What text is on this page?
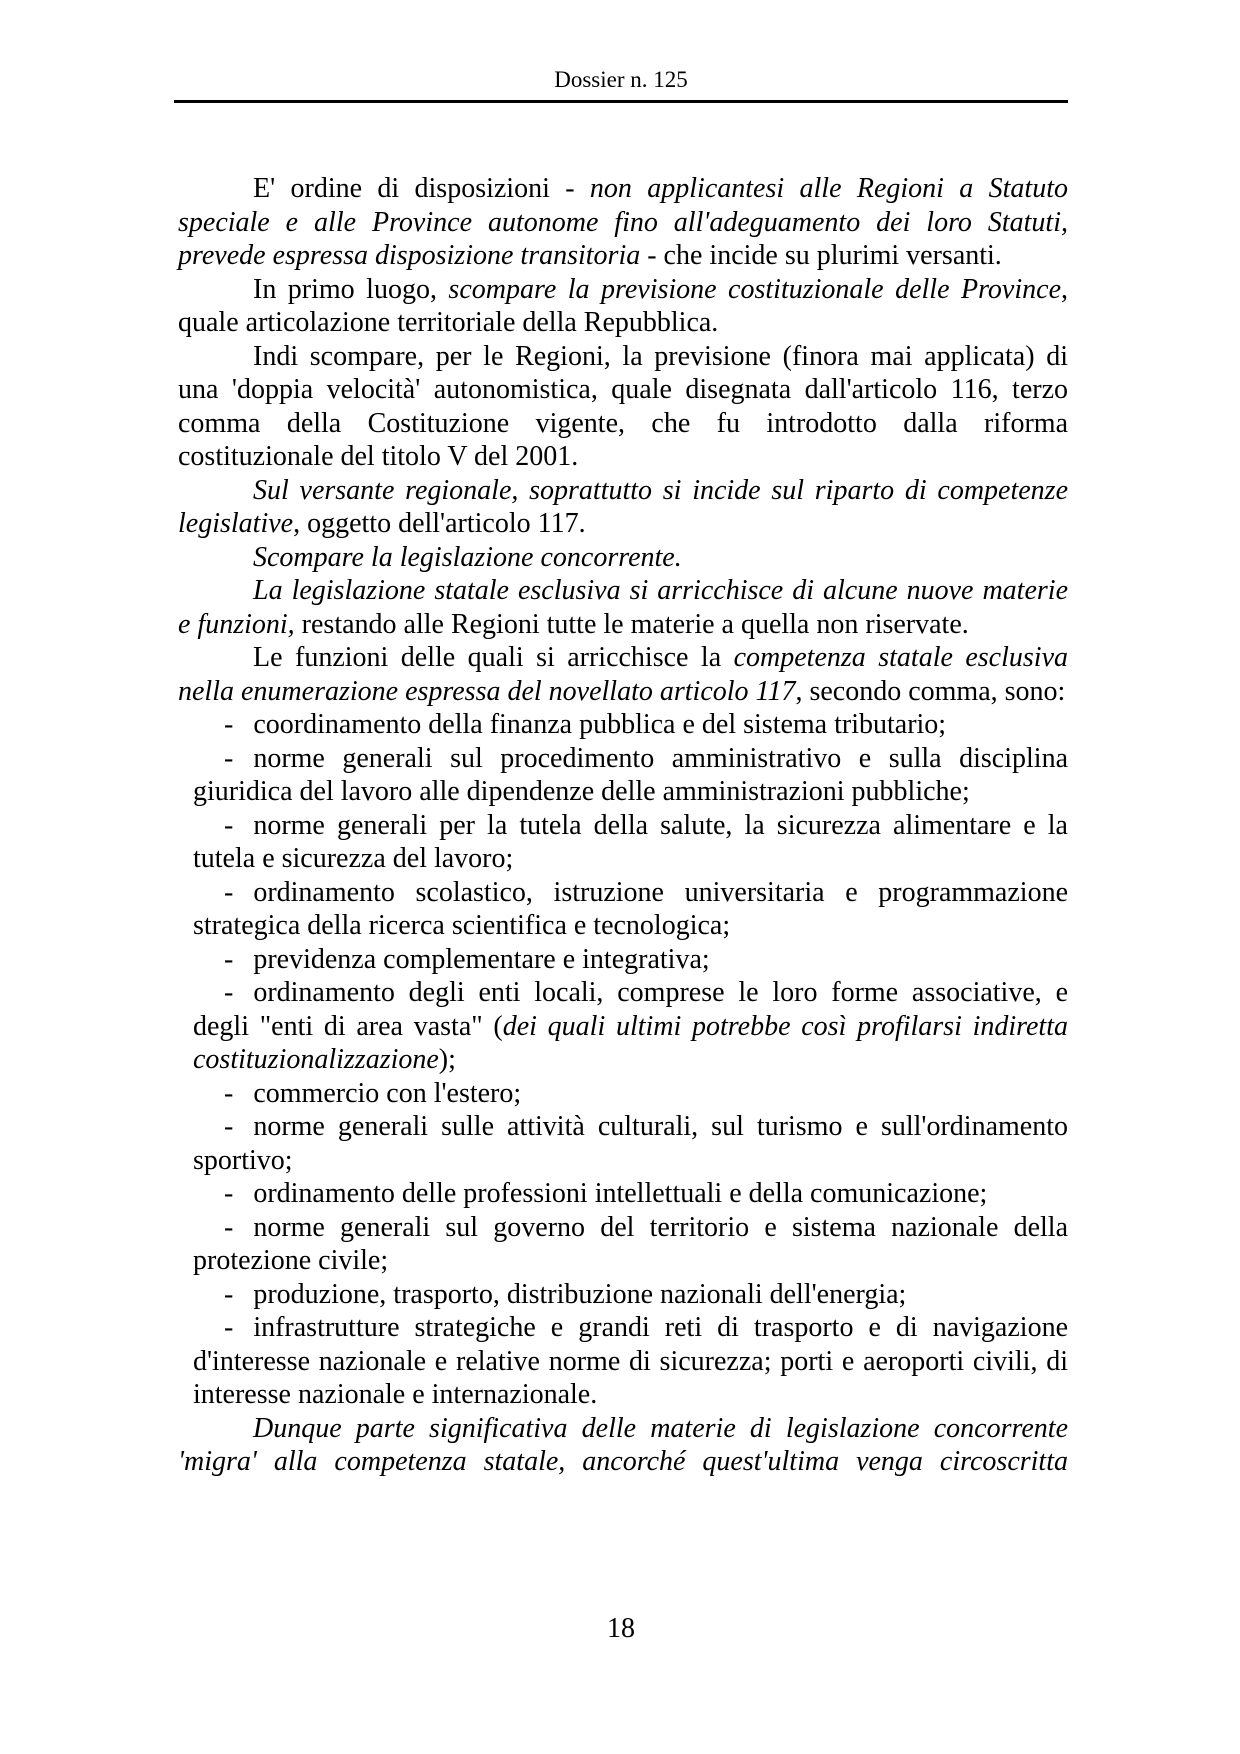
Dossier n. 125

E' ordine di disposizioni - non applicantesi alle Regioni a Statuto speciale e alle Province autonome fino all'adeguamento dei loro Statuti, prevede espressa disposizione transitoria - che incide su plurimi versanti.

In primo luogo, scompare la previsione costituzionale delle Province, quale articolazione territoriale della Repubblica.

Indi scompare, per le Regioni, la previsione (finora mai applicata) di una 'doppia velocità' autonomistica, quale disegnata dall'articolo 116, terzo comma della Costituzione vigente, che fu introdotto dalla riforma costituzionale del titolo V del 2001.

Sul versante regionale, soprattutto si incide sul riparto di competenze legislative, oggetto dell'articolo 117.

Scompare la legislazione concorrente.

La legislazione statale esclusiva si arricchisce di alcune nuove materie e funzioni, restando alle Regioni tutte le materie a quella non riservate.

Le funzioni delle quali si arricchisce la competenza statale esclusiva nella enumerazione espressa del novellato articolo 117, secondo comma, sono:

- coordinamento della finanza pubblica e del sistema tributario;

- norme generali sul procedimento amministrativo e sulla disciplina giuridica del lavoro alle dipendenze delle amministrazioni pubbliche;

- norme generali per la tutela della salute, la sicurezza alimentare e la tutela e sicurezza del lavoro;

- ordinamento scolastico, istruzione universitaria e programmazione strategica della ricerca scientifica e tecnologica;

- previdenza complementare e integrativa;

- ordinamento degli enti locali, comprese le loro forme associative, e degli "enti di area vasta" (dei quali ultimi potrebbe così profilarsi indiretta costituzionalizzazione);

- commercio con l'estero;

- norme generali sulle attività culturali, sul turismo e sull'ordinamento sportivo;

- ordinamento delle professioni intellettuali e della comunicazione;

- norme generali sul governo del territorio e sistema nazionale della protezione civile;

- produzione, trasporto, distribuzione nazionali dell'energia;

- infrastrutture strategiche e grandi reti di trasporto e di navigazione d'interesse nazionale e relative norme di sicurezza; porti e aeroporti civili, di interesse nazionale e internazionale.

Dunque parte significativa delle materie di legislazione concorrente 'migra' alla competenza statale, ancorché quest'ultima venga circoscritta

18
